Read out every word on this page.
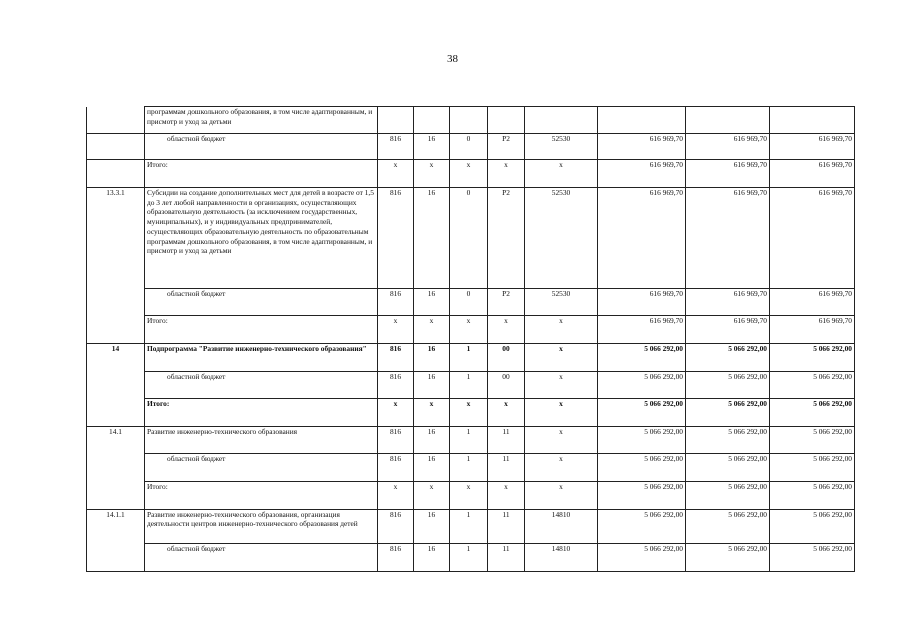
38
	программам дошкольного образования, в том числе адаптированным, и присмотр и уход за детьми								
	областной бюджет	816	16	0	P2	52530	616 969,70	616 969,70	616 969,70
	Итого:	x	x	x	x	x	616 969,70	616 969,70	616 969,70
13.3.1	Субсидии на создание дополнительных мест для детей в возрасте от 1,5 до 3 лет любой направленности в организациях, осуществляющих образовательную деятельность (за исключением государственных, муниципальных), и у индивидуальных предпринимателей, осуществляющих образовательную деятельность по образовательным программам дошкольного образования, в том числе адаптированным, и присмотр и уход за детьми	816	16	0	P2	52530	616 969,70	616 969,70	616 969,70
	областной бюджет	816	16	0	P2	52530	616 969,70	616 969,70	616 969,70
	Итого:	x	x	x	x	x	616 969,70	616 969,70	616 969,70
14	Подпрограмма "Развитие инженерно-технического образования"	816	16	1	00	x	5 066 292,00	5 066 292,00	5 066 292,00
	областной бюджет	816	16	1	00	x	5 066 292,00	5 066 292,00	5 066 292,00
	Итого:	x	x	x	x	x	5 066 292,00	5 066 292,00	5 066 292,00
14.1	Развитие инженерно-технического образования	816	16	1	11	x	5 066 292,00	5 066 292,00	5 066 292,00
	областной бюджет	816	16	1	11	x	5 066 292,00	5 066 292,00	5 066 292,00
	Итого:	x	x	x	x	x	5 066 292,00	5 066 292,00	5 066 292,00
14.1.1	Развитие инженерно-технического образования, организация деятельности центров инженерно-технического образования детей	816	16	1	11	14810	5 066 292,00	5 066 292,00	5 066 292,00
	областной бюджет	816	16	1	11	14810	5 066 292,00	5 066 292,00	5 066 292,00
